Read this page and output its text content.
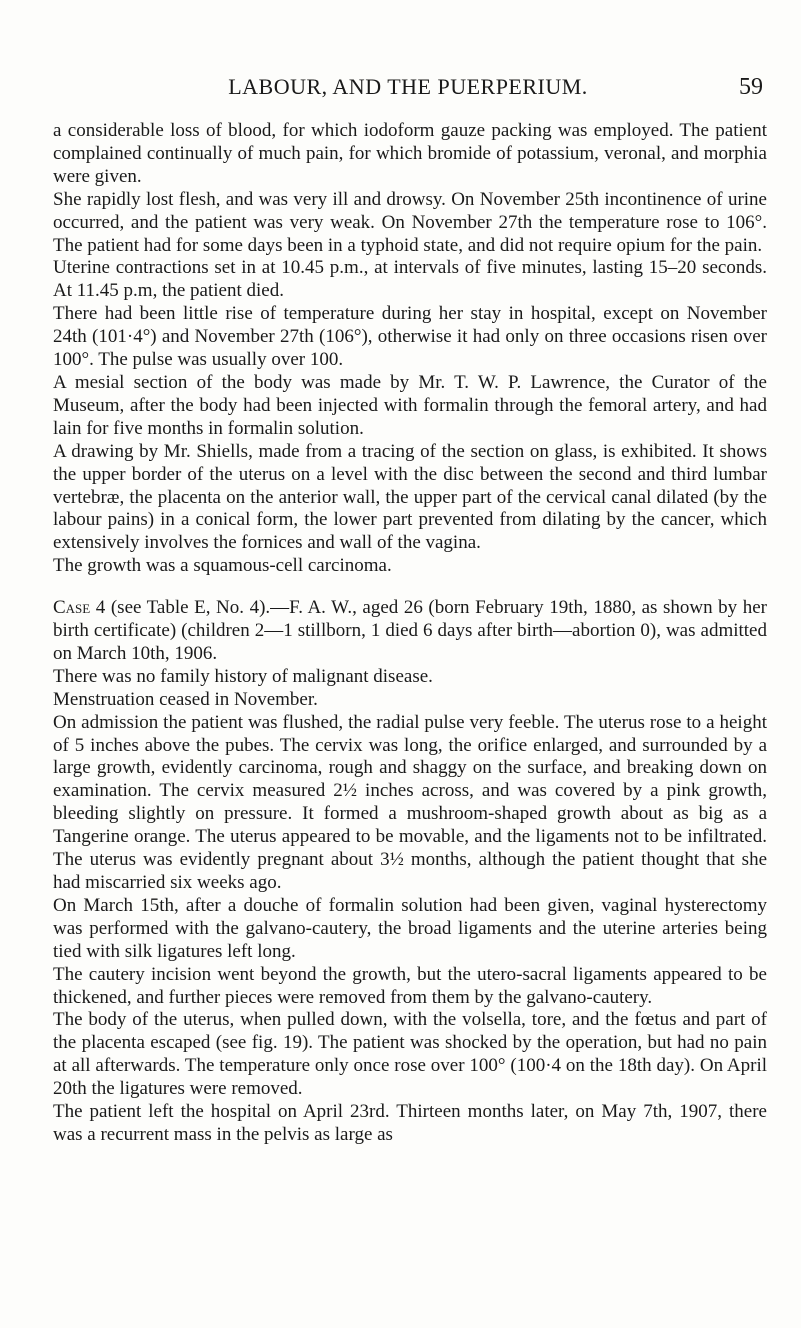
LABOUR, AND THE PUERPERIUM.	59

a considerable loss of blood, for which iodoform gauze packing was employed. The patient complained continually of much pain, for which bromide of potassium, veronal, and morphia were given.

She rapidly lost flesh, and was very ill and drowsy. On November 25th incontinence of urine occurred, and the patient was very weak. On November 27th the temperature rose to 106°. The patient had for some days been in a typhoid state, and did not require opium for the pain.

Uterine contractions set in at 10.45 p.m., at intervals of five minutes, lasting 15–20 seconds. At 11.45 p.m, the patient died.

There had been little rise of temperature during her stay in hospital, except on November 24th (101·4°) and November 27th (106°), otherwise it had only on three occasions risen over 100°. The pulse was usually over 100.

A mesial section of the body was made by Mr. T. W. P. Lawrence, the Curator of the Museum, after the body had been injected with formalin through the femoral artery, and had lain for five months in formalin solution.

A drawing by Mr. Shiells, made from a tracing of the section on glass, is exhibited. It shows the upper border of the uterus on a level with the disc between the second and third lumbar vertebræ, the placenta on the anterior wall, the upper part of the cervical canal dilated (by the labour pains) in a conical form, the lower part prevented from dilating by the cancer, which extensively involves the fornices and wall of the vagina.

The growth was a squamous-cell carcinoma.

Case 4 (see Table E, No. 4).—F. A. W., aged 26 (born February 19th, 1880, as shown by her birth certificate) (children 2—1 stillborn, 1 died 6 days after birth—abortion 0), was admitted on March 10th, 1906.

There was no family history of malignant disease.

Menstruation ceased in November.

On admission the patient was flushed, the radial pulse very feeble. The uterus rose to a height of 5 inches above the pubes. The cervix was long, the orifice enlarged, and surrounded by a large growth, evidently carcinoma, rough and shaggy on the surface, and breaking down on examination. The cervix measured 2½ inches across, and was covered by a pink growth, bleeding slightly on pressure. It formed a mushroom-shaped growth about as big as a Tangerine orange. The uterus appeared to be movable, and the ligaments not to be infiltrated. The uterus was evidently pregnant about 3½ months, although the patient thought that she had miscarried six weeks ago.

On March 15th, after a douche of formalin solution had been given, vaginal hysterectomy was performed with the galvano-cautery, the broad ligaments and the uterine arteries being tied with silk ligatures left long.

The cautery incision went beyond the growth, but the utero-sacral ligaments appeared to be thickened, and further pieces were removed from them by the galvano-cautery.

The body of the uterus, when pulled down, with the volsella, tore, and the fœtus and part of the placenta escaped (see fig. 19). The patient was shocked by the operation, but had no pain at all afterwards. The temperature only once rose over 100° (100·4 on the 18th day). On April 20th the ligatures were removed.

The patient left the hospital on April 23rd. Thirteen months later, on May 7th, 1907, there was a recurrent mass in the pelvis as large as
